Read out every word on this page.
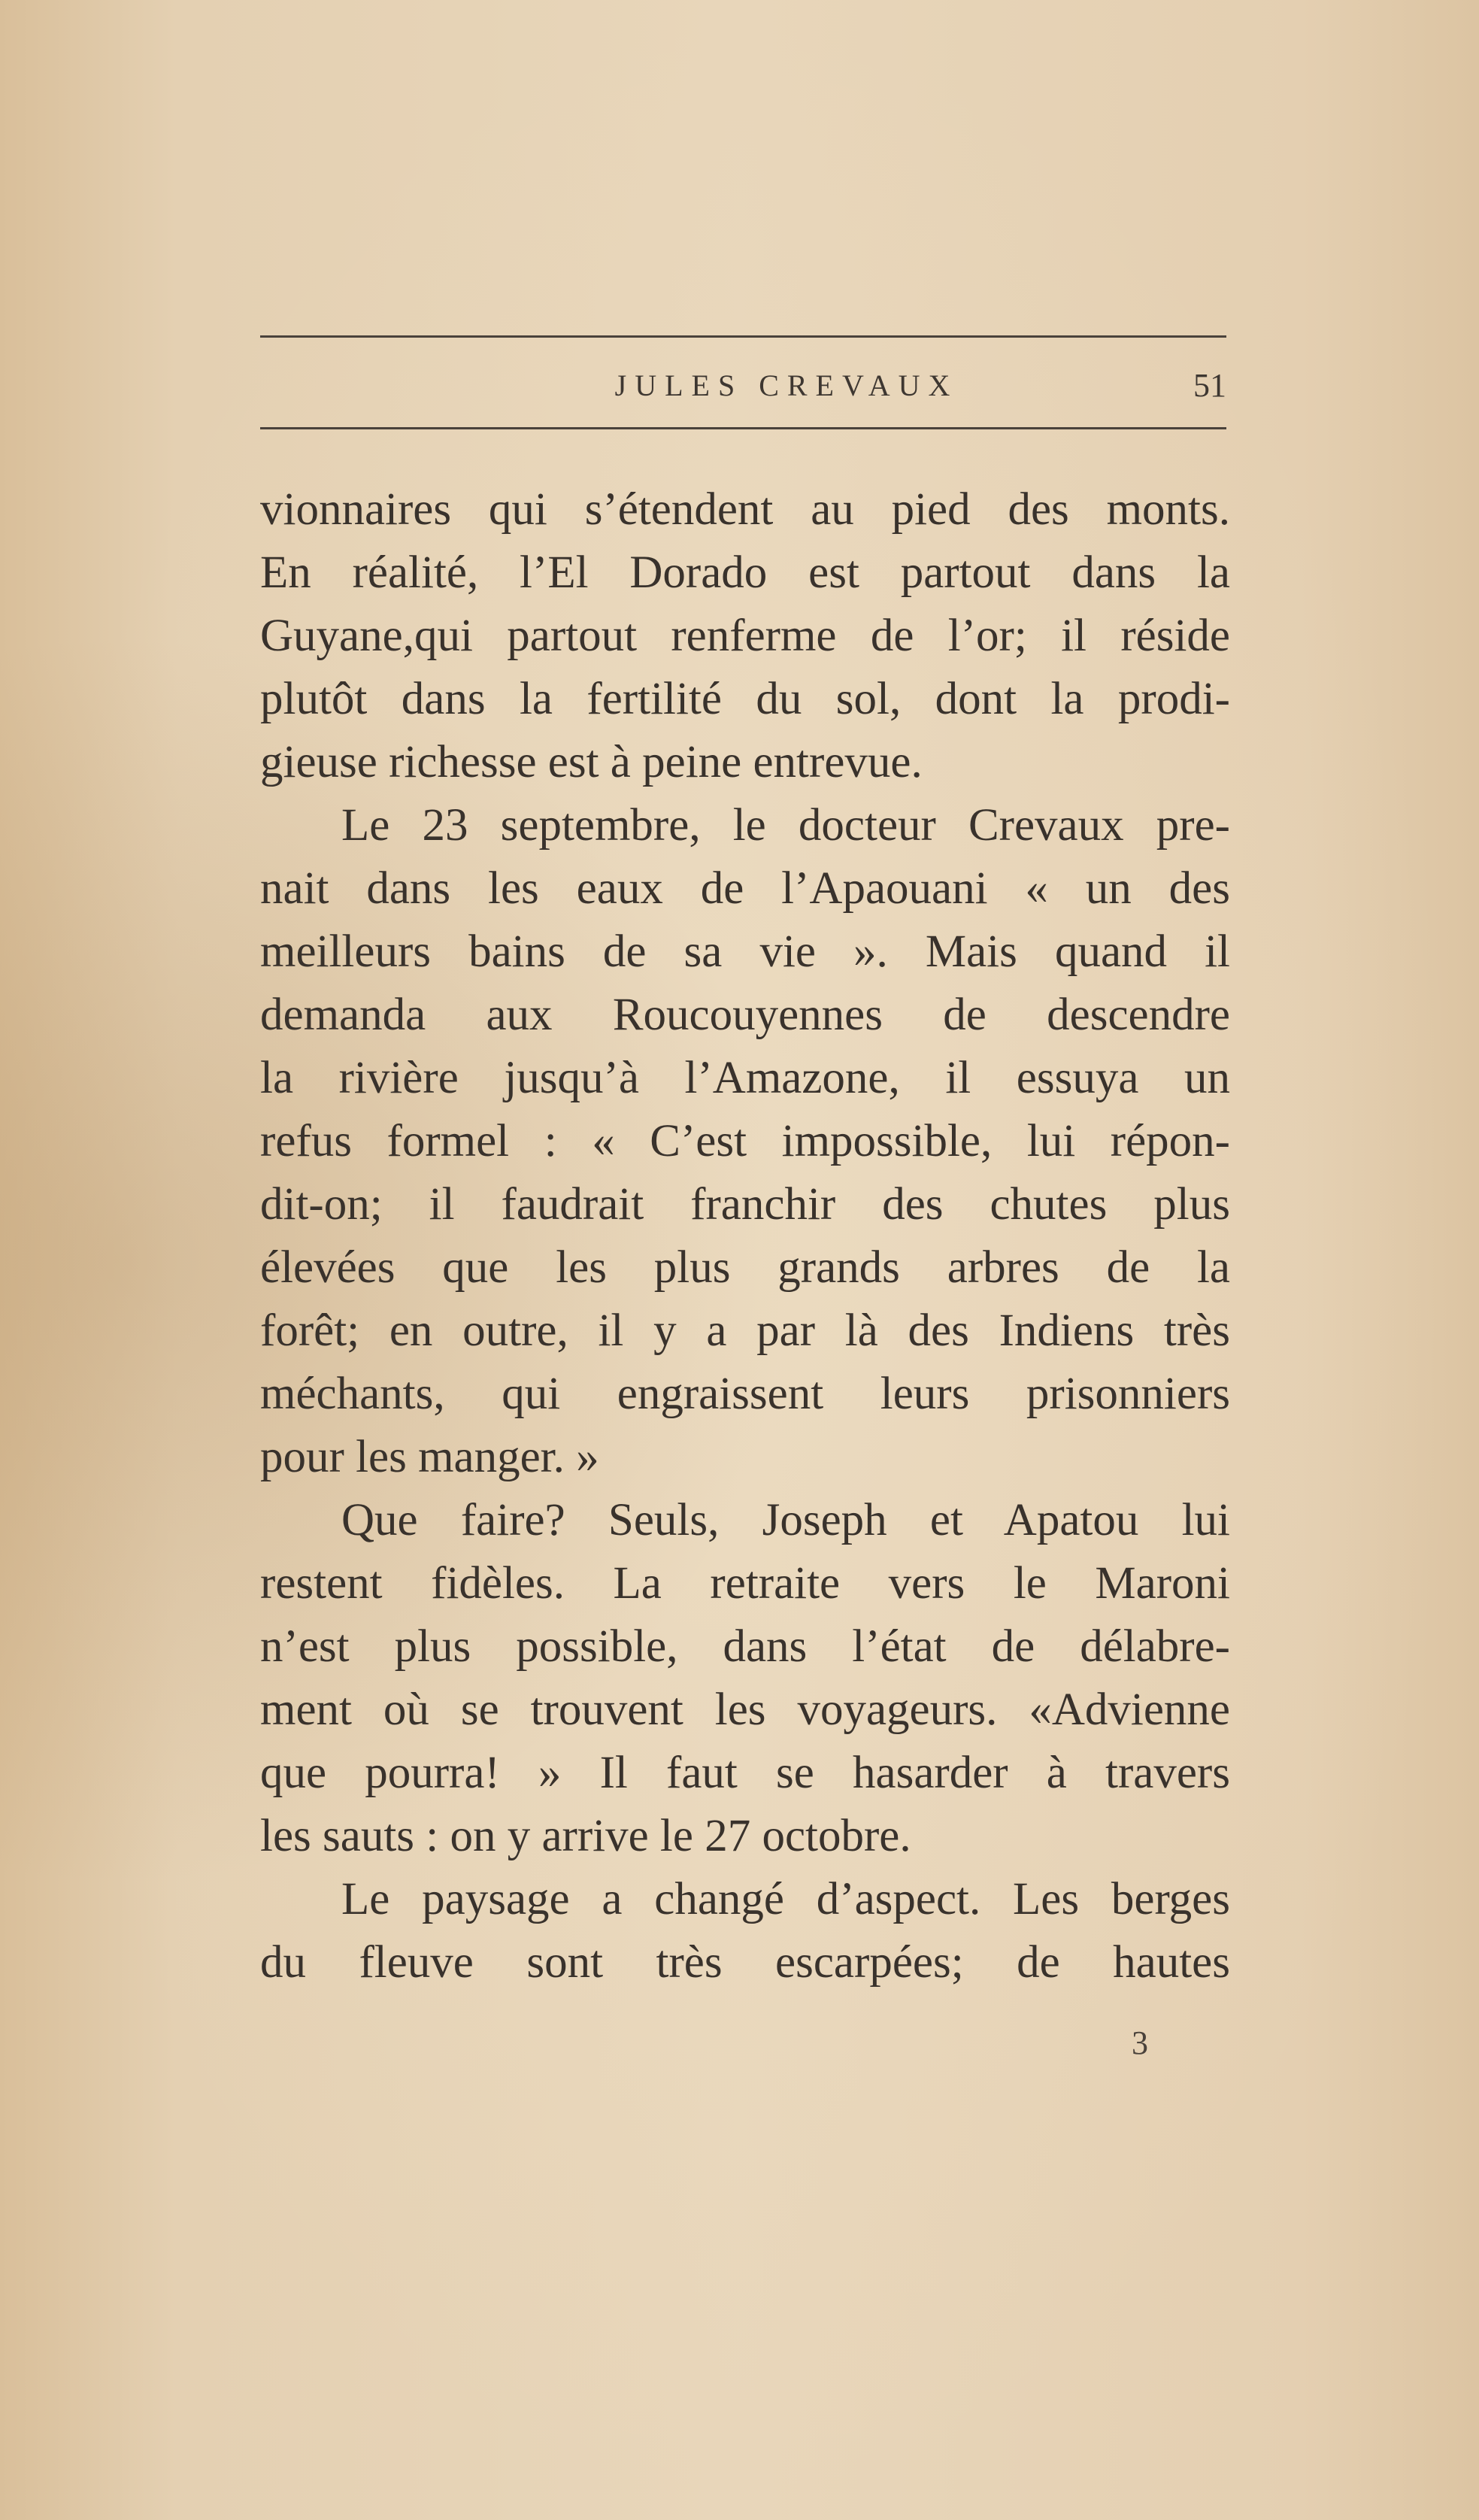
JULES CREVAUX	51
vionnaires qui s’étendent au pied des monts.
En réalité, l’El Dorado est partout dans la
Guyane,qui partout renferme de l’or; il réside
plutôt dans la fertilité du sol, dont la prodi-
gieuse richesse est à peine entrevue.
Le 23 septembre, le docteur Crevaux pre-
nait dans les eaux de l’Apaouani « un des
meilleurs bains de sa vie ». Mais quand il
demanda aux Roucouyennes de descendre
la rivière jusqu’à l’Amazone, il essuya un
refus formel : « C’est impossible, lui répon-
dit-on; il faudrait franchir des chutes plus
élevées que les plus grands arbres de la
forêt; en outre, il y a par là des Indiens très
méchants, qui engraissent leurs prisonniers
pour les manger. »
Que faire? Seuls, Joseph et Apatou lui
restent fidèles. La retraite vers le Maroni
n’est plus possible, dans l’état de délabre-
ment où se trouvent les voyageurs. «Advienne
que pourra! » Il faut se hasarder à travers
les sauts : on y arrive le 27 octobre.
Le paysage a changé d’aspect. Les berges
du fleuve sont très escarpées; de hautes
3
